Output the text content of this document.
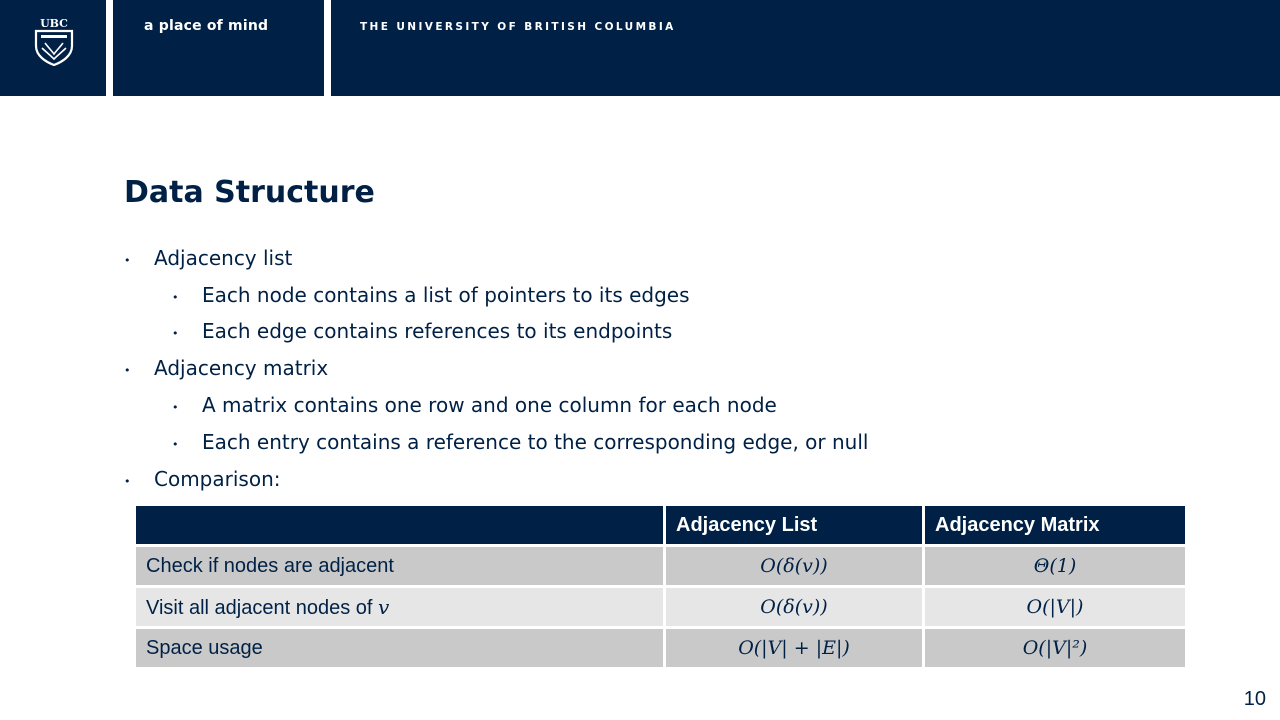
UBC	a place of mind	THE UNIVERSITY OF BRITISH COLUMBIA
Data Structure
• Adjacency list
• Each node contains a list of pointers to its edges
• Each edge contains references to its endpoints
• Adjacency matrix
• A matrix contains one row and one column for each node
• Each entry contains a reference to the corresponding edge, or null
• Comparison:
	Adjacency List	Adjacency Matrix
Check if nodes are adjacent	O(δ(v))	Θ(1)
Visit all adjacent nodes of v	O(δ(v))	O(|V|)
Space usage	O(|V| + |E|)	O(|V|²)
10
